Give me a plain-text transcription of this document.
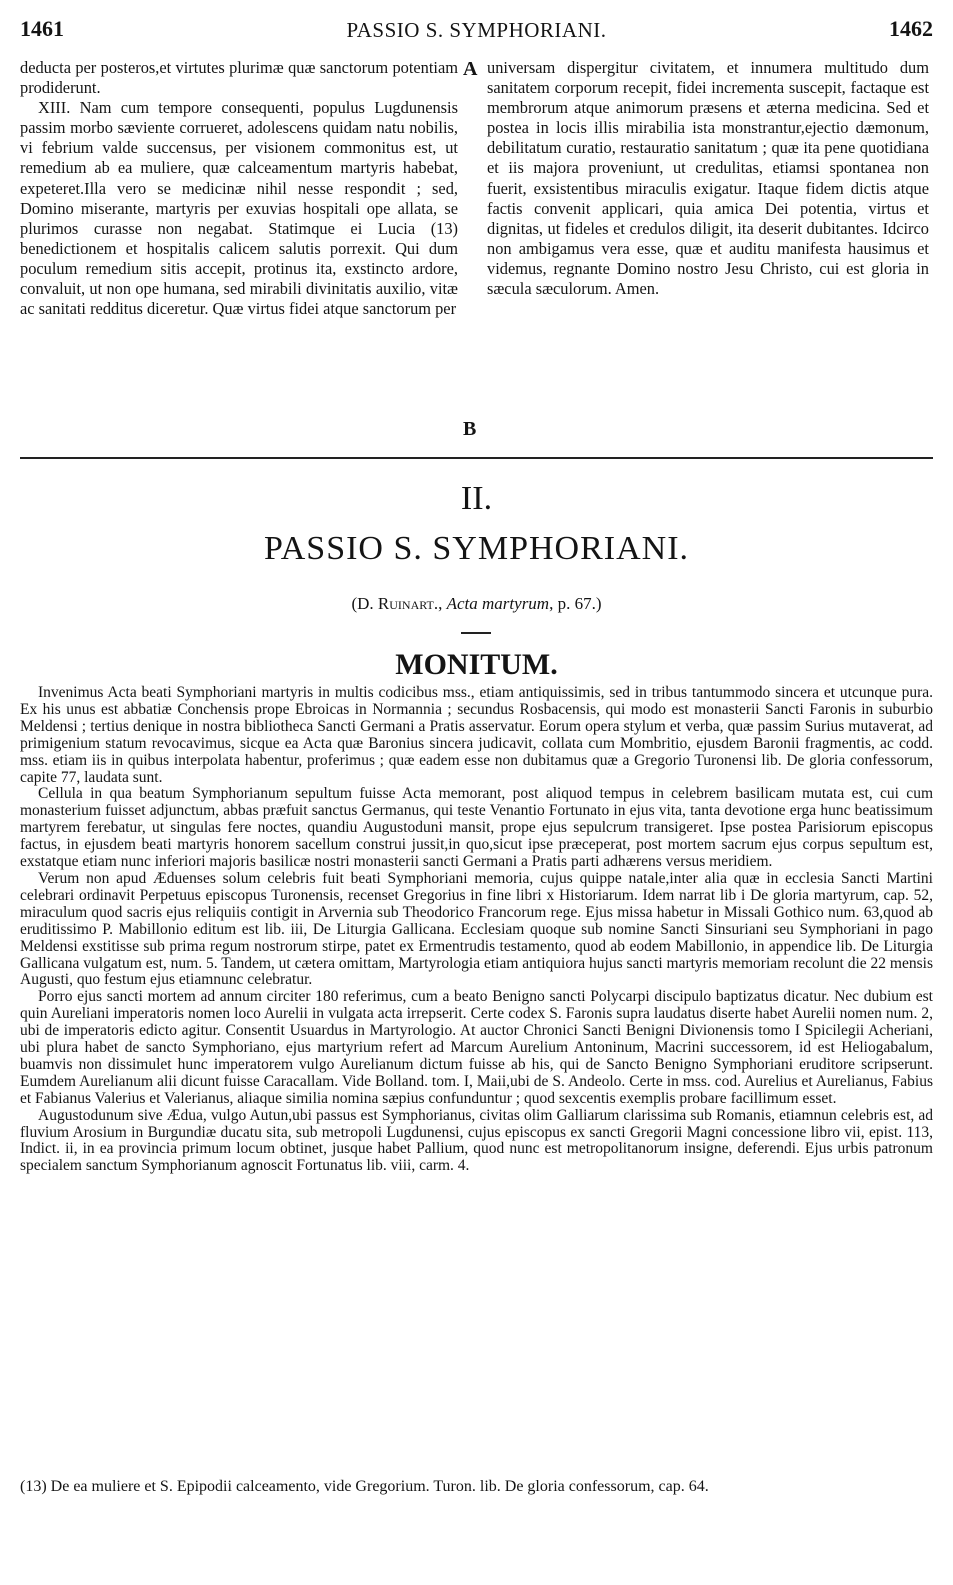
1461	PASSIO S. SYMPHORIANI.	1462

deducta per posteros,et virtutes plurimæ quæ sanctorum potentiam prodiderunt.

XIII. Nam cum tempore consequenti, populus Lugdunensis passim morbo sæviente corrueret, adolescens quidam natu nobilis, vi febrium valde succensus, per visionem commonitus est, ut remedium ab ea muliere, quæ calceamentum martyris habebat, expeteret.Illa vero se medicinæ nihil nesse respondit ; sed, Domino miserante, martyris per exuvias hospitali ope allata, se plurimos curasse non negabat. Statimque ei Lucia (13) benedictionem et hospitalis calicem salutis porrexit. Qui dum poculum remedium sitis accepit, protinus ita, exstincto ardore, convaluit, ut non ope humana, sed mirabili divinitatis auxilio, vitæ ac sanitati redditus diceretur. Quæ virtus fidei atque sanctorum per

A
B

universam dispergitur civitatem, et innumera multitudo dum sanitatem corporum recepit, fidei incrementa suscepit, factaque est membrorum atque animorum præsens et æterna medicina. Sed et postea in locis illis mirabilia ista monstrantur,ejectio dæmonum, debilitatum curatio, restauratio sanitatum ; quæ ita pene quotidiana et iis majora proveniunt, ut credulitas, etiamsi spontanea non fuerit, exsistentibus miraculis exigatur. Itaque fidem dictis atque factis convenit applicari, quia amica Dei potentia, virtus et dignitas, ut fideles et credulos diligit, ita deserit dubitantes. Idcirco non ambigamus vera esse, quæ et auditu manifesta hausimus et videmus, regnante Domino nostro Jesu Christo, cui est gloria in sæcula sæculorum. Amen.

II.
PASSIO S. SYMPHORIANI.
(D. Ruinart., Acta martyrum, p. 67.)
MONITUM.

Invenimus Acta beati Symphoriani martyris in multis codicibus mss., etiam antiquissimis, sed in tribus tantummodo sincera et utcunque pura. Ex his unus est abbatiæ Conchensis prope Ebroicas in Normannia ; secundus Rosbacensis, qui modo est monasterii Sancti Faronis in suburbio Meldensi ; tertius denique in nostra bibliotheca Sancti Germani a Pratis asservatur. Eorum opera stylum et verba, quæ passim Surius mutaverat, ad primigenium statum revocavimus, sicque ea Acta quæ Baronius sincera judicavit, collata cum Mombritio, ejusdem Baronii fragmentis, ac codd. mss. etiam iis in quibus interpolata habentur, proferimus ; quæ eadem esse non dubitamus quæ a Gregorio Turonensi lib. De gloria confessorum, capite 77, laudata sunt.

Cellula in qua beatum Symphorianum sepultum fuisse Acta memorant, post aliquod tempus in celebrem basilicam mutata est, cui cum monasterium fuisset adjunctum, abbas præfuit sanctus Germanus, qui teste Venantio Fortunato in ejus vita, tanta devotione erga hunc beatissimum martyrem ferebatur, ut singulas fere noctes, quandiu Augustoduni mansit, prope ejus sepulcrum transigeret. Ipse postea Parisiorum episcopus factus, in ejusdem beati martyris honorem sacellum construi jussit,in quo,sicut ipse præceperat, post mortem sacrum ejus corpus sepultum est, exstatque etiam nunc inferiori majoris basilicæ nostri monasterii sancti Germani a Pratis parti adhærens versus meridiem.

Verum non apud Æduenses solum celebris fuit beati Symphoriani memoria, cujus quippe natale,inter alia quæ in ecclesia Sancti Martini celebrari ordinavit Perpetuus episcopus Turonensis, recenset Gregorius in fine libri x Historiarum. Idem narrat lib i De gloria martyrum, cap. 52, miraculum quod sacris ejus reliquiis contigit in Arvernia sub Theodorico Francorum rege. Ejus missa habetur in Missali Gothico num. 63,quod ab eruditissimo P. Mabillonio editum est lib. iii, De Liturgia Gallicana. Ecclesiam quoque sub nomine Sancti Sinsuriani seu Symphoriani in pago Meldensi exstitisse sub prima regum nostrorum stirpe, patet ex Ermentrudis testamento, quod ab eodem Mabillonio, in appendice lib. De Liturgia Gallicana vulgatum est, num. 5. Tandem, ut cætera omittam, Martyrologia etiam antiquiora hujus sancti martyris memoriam recolunt die 22 mensis Augusti, quo festum ejus etiamnunc celebratur.

Porro ejus sancti mortem ad annum circiter 180 referimus, cum a beato Benigno sancti Polycarpi discipulo baptizatus dicatur. Nec dubium est quin Aureliani imperatoris nomen loco Aurelii in vulgata acta irrepserit. Certe codex S. Faronis supra laudatus diserte habet Aurelii nomen num. 2, ubi de imperatoris edicto agitur. Consentit Usuardus in Martyrologio. At auctor Chronici Sancti Benigni Divionensis tomo I Spicilegii Acheriani, ubi plura habet de sancto Symphoriano, ejus martyrium refert ad Marcum Aurelium Antoninum, Macrini successorem, id est Heliogabalum, buamvis non dissimulet hunc imperatorem vulgo Aurelianum dictum fuisse ab his, qui de Sancto Benigno Symphoriani eruditore scripserunt. Eumdem Aurelianum alii dicunt fuisse Caracallam. Vide Bolland. tom. I, Maii,ubi de S. Andeolo. Certe in mss. cod. Aurelius et Aurelianus, Fabius et Fabianus Valerius et Valerianus, aliaque similia nomina sæpius confunduntur ; quod sexcentis exemplis probare facillimum esset.

Augustodunum sive Ædua, vulgo Autun,ubi passus est Symphorianus, civitas olim Galliarum clarissima sub Romanis, etiamnun celebris est, ad fluvium Arosium in Burgundiæ ducatu sita, sub metropoli Lugdunensi, cujus episcopus ex sancti Gregorii Magni concessione libro vii, epist. 113, Indict. ii, in ea provincia primum locum obtinet, jusque habet Pallium, quod nunc est metropolitanorum insigne, deferendi. Ejus urbis patronum specialem sanctum Symphorianum agnoscit Fortunatus lib. viii, carm. 4.

(13) De ea muliere et S. Epipodii calceamento, vide Gregorium. Turon. lib. De gloria confessorum, cap. 64.
